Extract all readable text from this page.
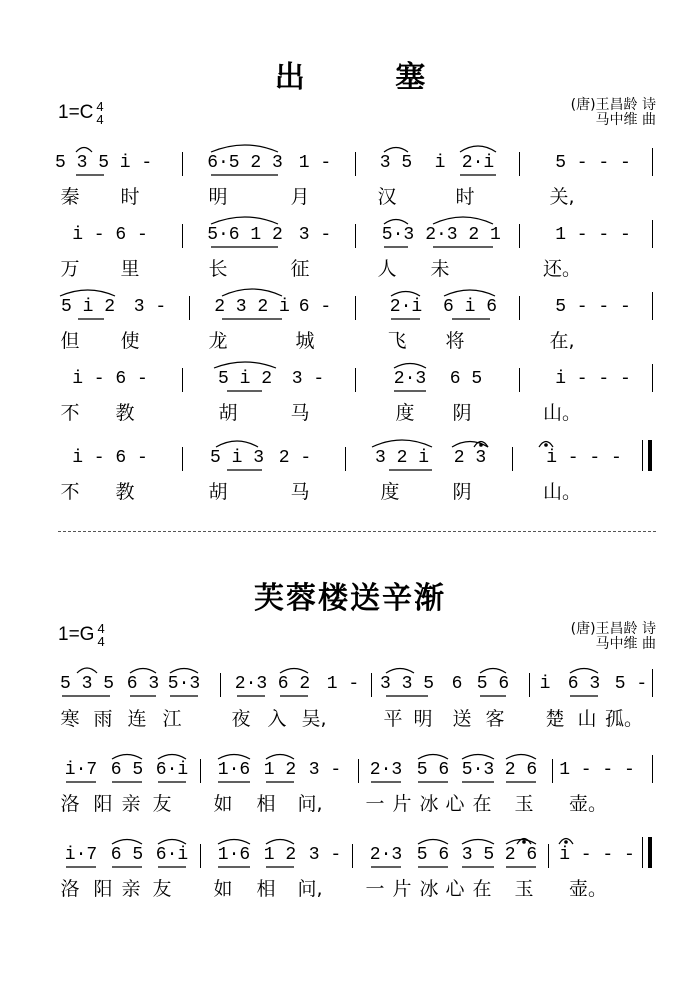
出 塞
1=C 4
4
(唐)王昌龄 诗
马中维 曲
5 3 5 i -	6·5 2 3 1 -	3 5 i 2·i	5 - - -
秦 时	明	月	汉	时	关,
i - 6 -	5·6 1 2 3 -	5·3 2·3 2 1	1 - - -
万 里	长	征	人 未	还。
5 i 2 3 -	2 3 2 i 6 -	2·i 6 i 6	5 - - -
但 使	龙	城	飞 将	在,
i - 6 -	5 i 2 3 -	2·3 6 5	i - - -
不 教	胡	马	度 阴	山。
i - 6 -	5 i 3 2 -	3 2 i 2 3	i - - -
不 教	胡	马	度	阴	山。
芙蓉楼送辛渐
1=G 4
4
(唐)王昌龄 诗
马中维 曲
5 3 5 6 3 5·3 2·3 6 2 1 - 3 3 5 6 5 6 i 6 3 5 -
寒 雨 连 江	夜 入 吴,	平 明 送 客 楚 山 孤。
i·7 6 5 6·i 1·6 1 2 3 - 2·3 5 6 5·3 2 6 1 - - -
洛 阳 亲 友 如 相 问, 一 片 冰 心 在 玉 壶。
i·7 6 5 6·i 1·6 1 2 3 - 2·3 5 6 3 5 2 6 i - - -
洛 阳 亲 友 如 相 问, 一 片 冰 心 在 玉 壶。
